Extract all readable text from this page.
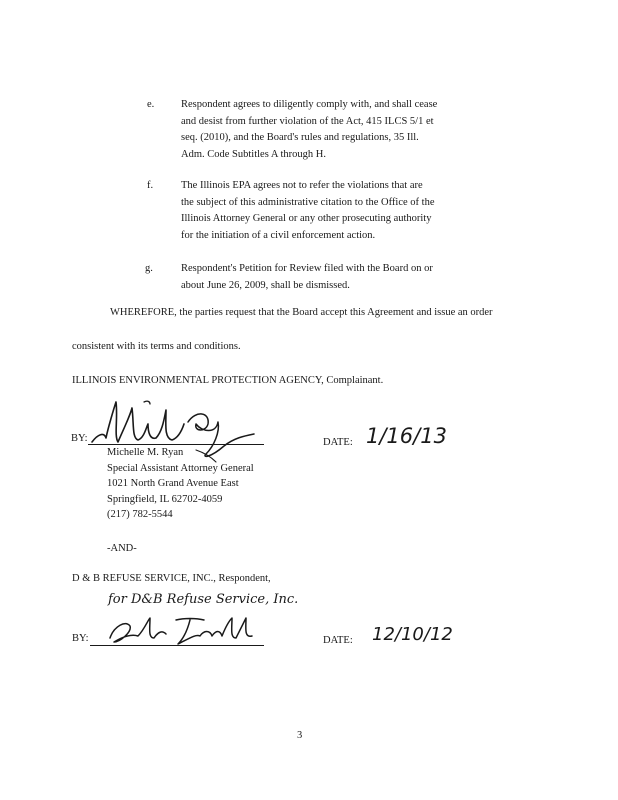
e.	Respondent agrees to diligently comply with, and shall cease
and desist from further violation of the Act, 415 ILCS 5/1 et
seq. (2010), and the Board's rules and regulations, 35 Ill.
Adm. Code Subtitles A through H.
f.	The Illinois EPA agrees not to refer the violations that are
the subject of this administrative citation to the Office of the
Illinois Attorney General or any other prosecuting authority
for the initiation of a civil enforcement action.
g.	Respondent's Petition for Review filed with the Board on or
about June 26, 2009, shall be dismissed.
WHEREFORE, the parties request that the Board accept this Agreement and issue an order
consistent with its terms and conditions.
ILLINOIS ENVIRONMENTAL PROTECTION AGENCY, Complainant.
BY:	DATE: 1/16/13
Michelle M. Ryan
Special Assistant Attorney General
1021 North Grand Avenue East
Springfield, IL 62702-4059
(217) 782-5544
-AND-
D & B REFUSE SERVICE, INC., Respondent,
for D&B Refuse Service, Inc.
BY:	DATE: 12/10/12
3
